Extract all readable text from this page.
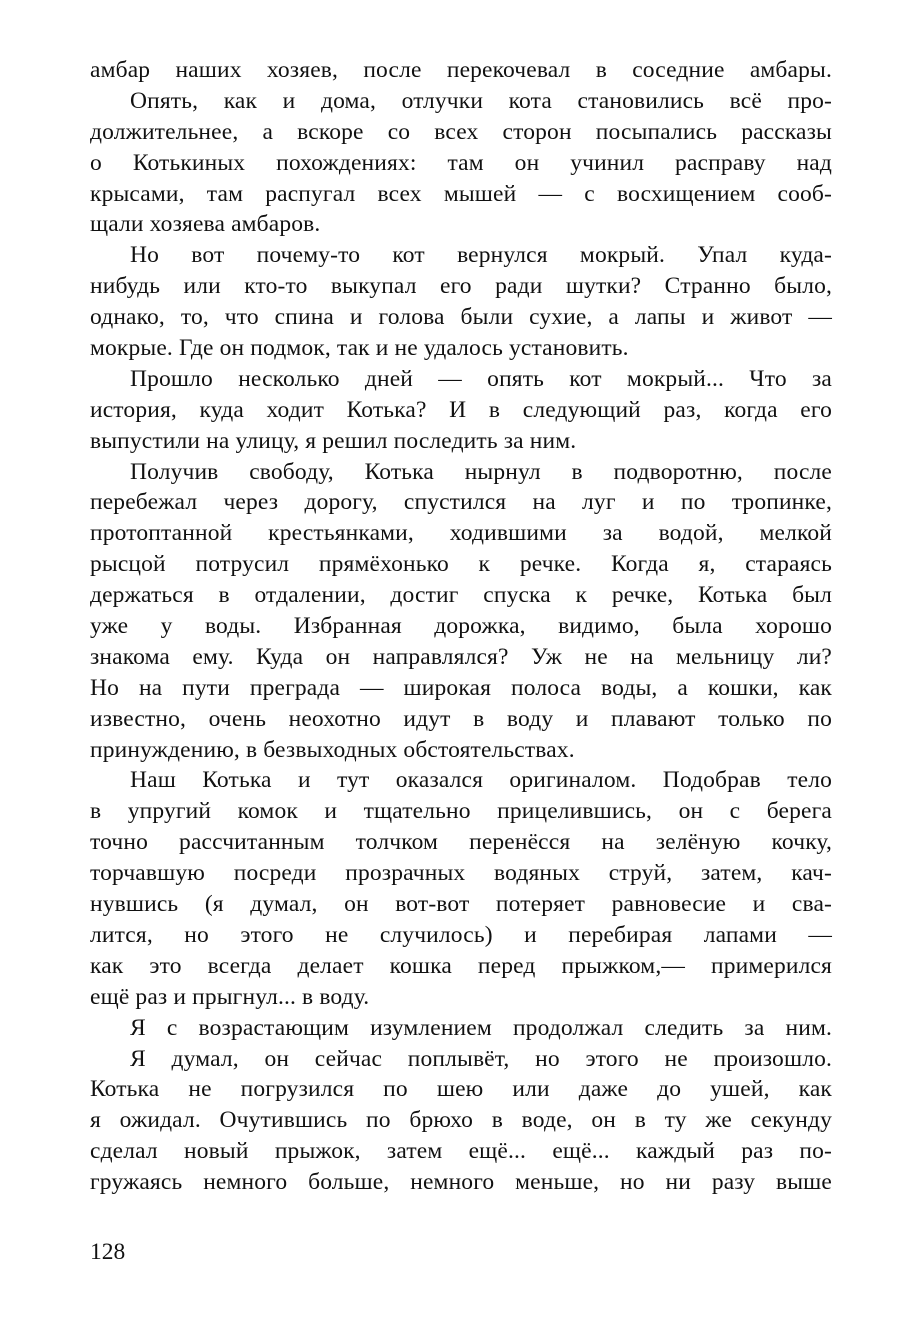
амбар наших хозяев, после перекочевал в соседние амбары.
Опять, как и дома, отлучки кота становились всё про-
должительнее, а вскоре со всех сторон посыпались рассказы
о Котькиных похождениях: там он учинил расправу над
крысами, там распугал всех мышей — с восхищением сооб-
щали хозяева амбаров.
Но вот почему-то кот вернулся мокрый. Упал куда-
нибудь или кто-то выкупал его ради шутки? Странно было,
однако, то, что спина и голова были сухие, а лапы и живот —
мокрые. Где он подмок, так и не удалось установить.
Прошло несколько дней — опять кот мокрый... Что за
история, куда ходит Котька? И в следующий раз, когда его
выпустили на улицу, я решил последить за ним.
Получив свободу, Котька нырнул в подворотню, после
перебежал через дорогу, спустился на луг и по тропинке,
протоптанной крестьянками, ходившими за водой, мелкой
рысцой потрусил прямёхонько к речке. Когда я, стараясь
держаться в отдалении, достиг спуска к речке, Котька был
уже у воды. Избранная дорожка, видимо, была хорошо
знакома ему. Куда он направлялся? Уж не на мельницу ли?
Но на пути преграда — широкая полоса воды, а кошки, как
известно, очень неохотно идут в воду и плавают только по
принуждению, в безвыходных обстоятельствах.
Наш Котька и тут оказался оригиналом. Подобрав тело
в упругий комок и тщательно прицелившись, он с берега
точно рассчитанным толчком перенёсся на зелёную кочку,
торчавшую посреди прозрачных водяных струй, затем, кач-
нувшись (я думал, он вот-вот потеряет равновесие и сва-
лится, но этого не случилось) и перебирая лапами —
как это всегда делает кошка перед прыжком,— примерился
ещё раз и прыгнул... в воду.
Я с возрастающим изумлением продолжал следить за ним.
Я думал, он сейчас поплывёт, но этого не произошло.
Котька не погрузился по шею или даже до ушей, как
я ожидал. Очутившись по брюхо в воде, он в ту же секунду
сделал новый прыжок, затем ещё... ещё... каждый раз по-
гружаясь немного больше, немного меньше, но ни разу выше
128
